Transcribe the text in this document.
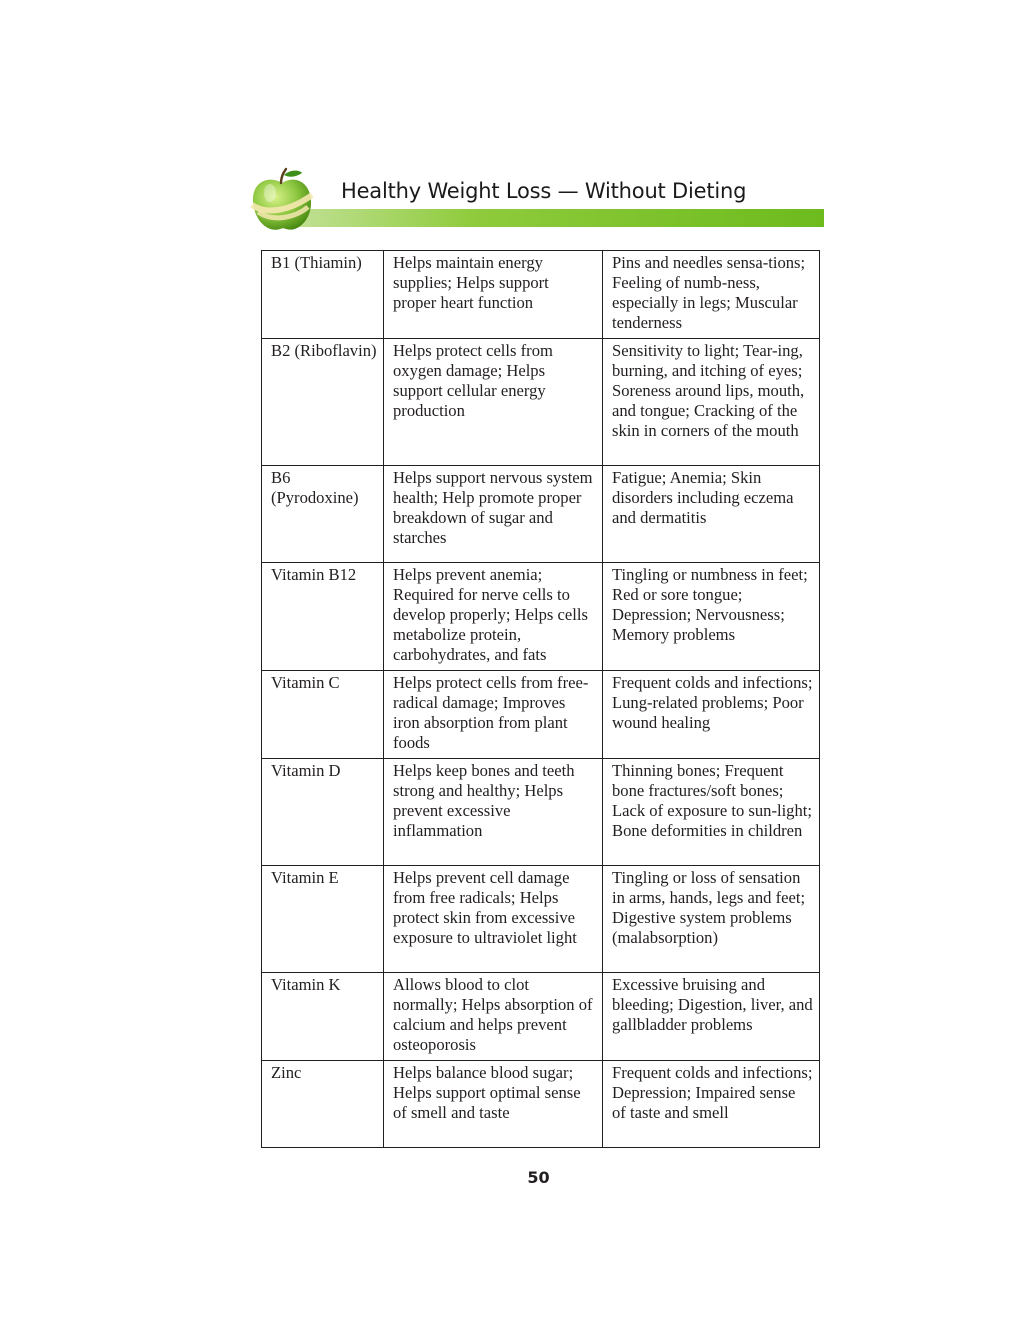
Healthy Weight Loss — Without Dieting
B1 (Thiamin)	Helps maintain energy supplies; Helps support proper heart function	Pins and needles sensa-tions; Feeling of numb-ness, especially in legs; Muscular tenderness
B2 (Riboflavin)	Helps protect cells from oxygen damage; Helps support cellular energy production	Sensitivity to light; Tear-ing, burning, and itching of eyes; Soreness around lips, mouth, and tongue; Cracking of the skin in corners of the mouth
B6 (Pyrodoxine)	Helps support nervous system health; Help promote proper breakdown of sugar and starches	Fatigue; Anemia; Skin disorders including eczema and dermatitis
Vitamin B12	Helps prevent anemia; Required for nerve cells to develop properly; Helps cells metabolize protein, carbohydrates, and fats	Tingling or numbness in feet; Red or sore tongue; Depression; Nervousness; Memory problems
Vitamin C	Helps protect cells from free-radical damage; Improves iron absorption from plant foods	Frequent colds and infections; Lung-related problems; Poor wound healing
Vitamin D	Helps keep bones and teeth strong and healthy; Helps prevent excessive inflammation	Thinning bones; Frequent bone fractures/soft bones; Lack of exposure to sun-light; Bone deformities in children
Vitamin E	Helps prevent cell damage from free radicals; Helps protect skin from excessive exposure to ultraviolet light	Tingling or loss of sensation in arms, hands, legs and feet; Digestive system problems (malabsorption)
Vitamin K	Allows blood to clot normally; Helps absorption of calcium and helps prevent osteoporosis	Excessive bruising and bleeding; Digestion, liver, and gallbladder problems
Zinc	Helps balance blood sugar; Helps support optimal sense of smell and taste	Frequent colds and infections; Depression; Impaired sense of taste and smell
50
